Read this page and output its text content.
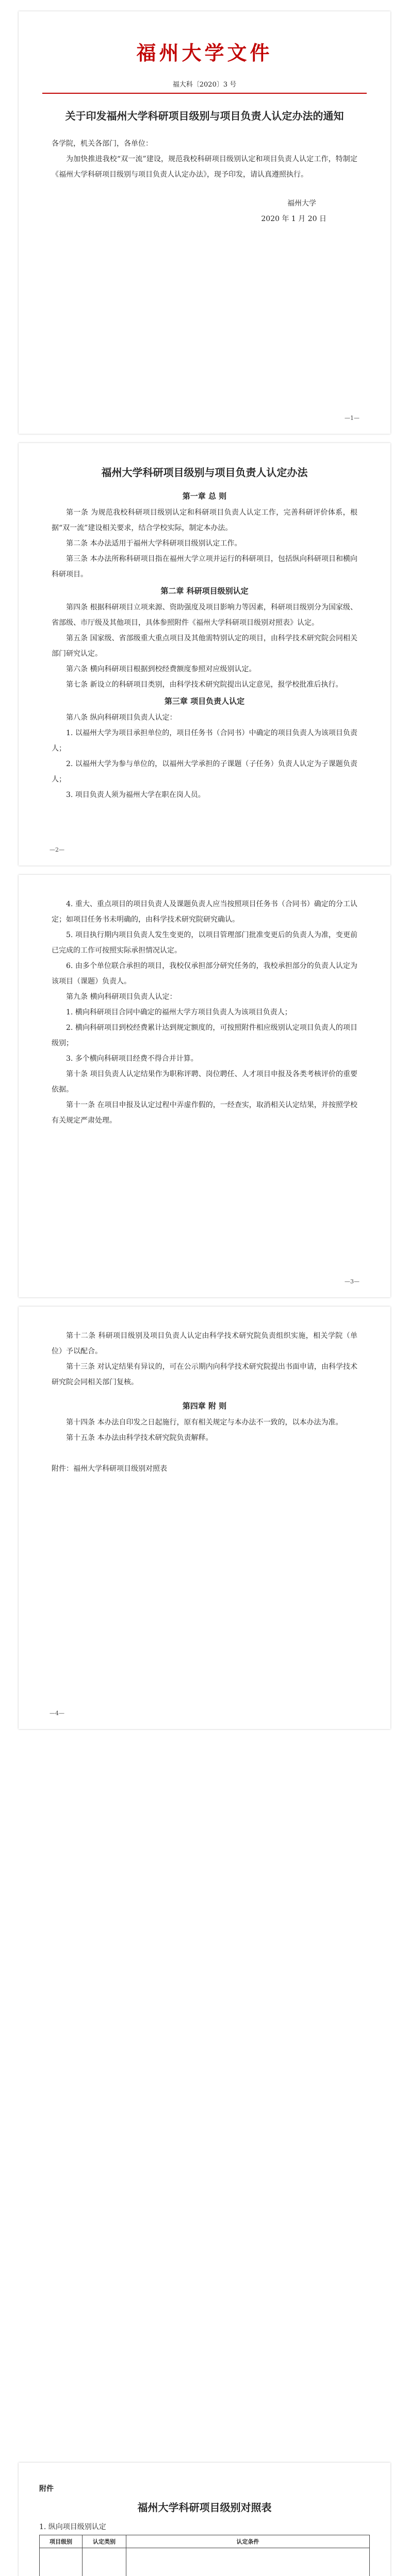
福州大学文件
福大科〔2020〕3 号
关于印发福州大学科研项目级别与项目负责人认定办法的通知
各学院，机关各部门，各单位：
为加快推进我校“双一流”建设，规范我校科研项目级别认定和项目负责人认定工作，特制定《福州大学科研项目级别与项目负责人认定办法》，现予印发，请认真遵照执行。
福州大学
2020 年 1 月 20 日
—1—
福州大学科研项目级别与项目负责人认定办法
第一章 总 则
第一条 为规范我校科研项目级别认定和科研项目负责人认定工作，完善科研评价体系，根据“双一流”建设相关要求，结合学校实际，制定本办法。
第二条 本办法适用于福州大学科研项目级别认定工作。
第三条 本办法所称科研项目指在福州大学立项并运行的科研项目，包括纵向科研项目和横向科研项目。
第二章 科研项目级别认定
第四条 根据科研项目立项来源、资助强度及项目影响力等因素，科研项目级别分为国家级、省部级、市厅级及其他项目，具体参照附件《福州大学科研项目级别对照表》认定。
第五条 国家级、省部级重大重点项目及其他需特别认定的项目，由科学技术研究院会同相关部门研究认定。
第六条 横向科研项目根据到校经费额度参照对应级别认定。
第七条 新设立的科研项目类别，由科学技术研究院提出认定意见，报学校批准后执行。
第三章 项目负责人认定
第八条 纵向科研项目负责人认定：
1. 以福州大学为项目承担单位的，项目任务书（合同书）中确定的项目负责人为该项目负责人；
2. 以福州大学为参与单位的，以福州大学承担的子课题（子任务）负责人认定为子课题负责人；
3. 项目负责人须为福州大学在职在岗人员。
—2—
4. 重大、重点项目的项目负责人及课题负责人应当按照项目任务书（合同书）确定的分工认定；如项目任务书未明确的，由科学技术研究院研究确认。
5. 项目执行期内项目负责人发生变更的，以项目管理部门批准变更后的负责人为准，变更前已完成的工作可按照实际承担情况认定。
6. 由多个单位联合承担的项目，我校仅承担部分研究任务的，我校承担部分的负责人认定为该项目（课题）负责人。
第九条 横向科研项目负责人认定：
1. 横向科研项目合同中确定的福州大学方项目负责人为该项目负责人；
2. 横向科研项目到校经费累计达到规定额度的，可按照附件相应级别认定项目负责人的项目级别；
3. 多个横向科研项目经费不得合并计算。
第十条 项目负责人认定结果作为职称评聘、岗位聘任、人才项目申报及各类考核评价的重要依据。
第十一条 在项目申报及认定过程中弄虚作假的，一经查实，取消相关认定结果，并按照学校有关规定严肃处理。
—3—
第十二条 科研项目级别及项目负责人认定由科学技术研究院负责组织实施，相关学院（单位）予以配合。
第十三条 对认定结果有异议的，可在公示期内向科学技术研究院提出书面申请，由科学技术研究院会同相关部门复核。
第四章 附 则
第十四条 本办法自印发之日起施行，原有相关规定与本办法不一致的，以本办法为准。
第十五条 本办法由科学技术研究院负责解释。
附件：福州大学科研项目级别对照表
—4—
附件
福州大学科研项目级别对照表
1. 纵向项目级别认定
项目级别	认定类别	认定条件
